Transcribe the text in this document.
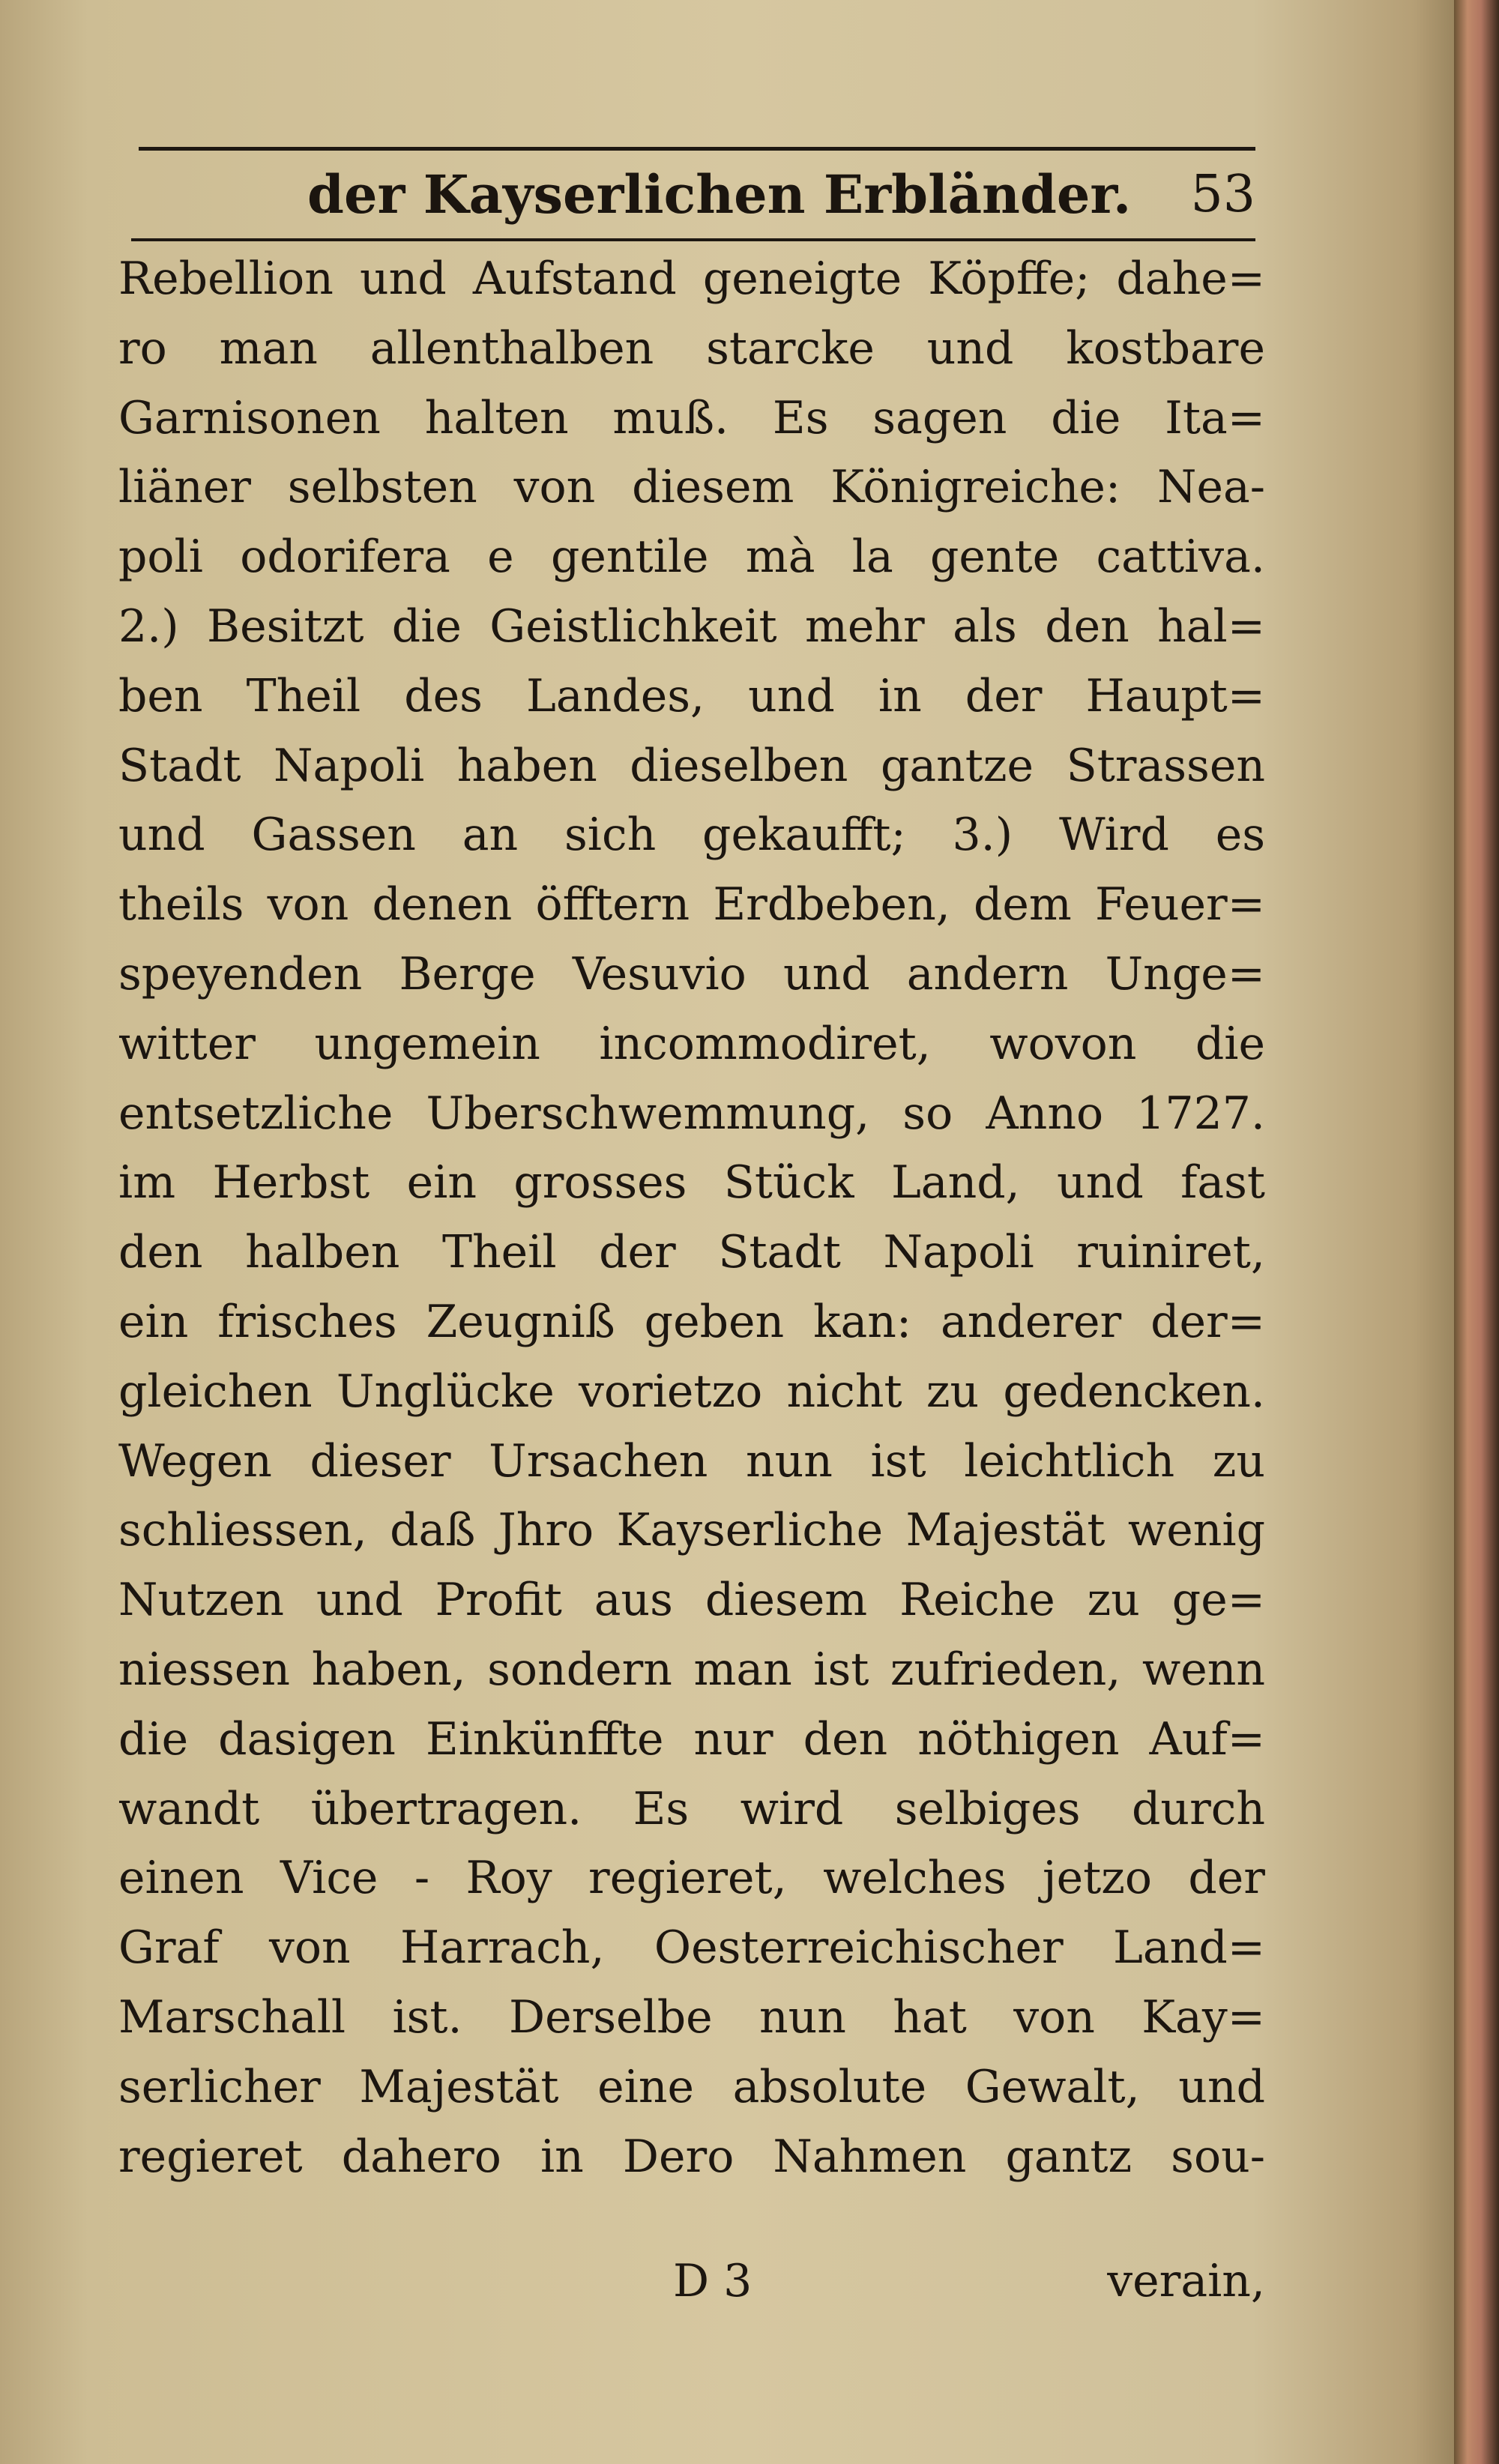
der Kayserlichen Erbländer.	53
Rebellion und Aufstand geneigte Köpffe; dahe=
ro man allenthalben starcke und kostbare
Garnisonen halten muß. Es sagen die Ita=
liäner selbsten von diesem Königreiche: Nea-
poli odorifera e gentile mà la gente cattiva.
2.) Besitzt die Geistlichkeit mehr als den hal=
ben Theil des Landes, und in der Haupt=
Stadt Napoli haben dieselben gantze Strassen
und Gassen an sich gekaufft; 3.) Wird es
theils von denen öfftern Erdbeben, dem Feuer=
speyenden Berge Vesuvio und andern Unge=
witter ungemein incommodiret, wovon die
entsetzliche Uberschwemmung, so Anno 1727.
im Herbst ein grosses Stück Land, und fast
den halben Theil der Stadt Napoli ruiniret,
ein frisches Zeugniß geben kan: anderer der=
gleichen Unglücke vorietzo nicht zu gedencken.
Wegen dieser Ursachen nun ist leichtlich zu
schliessen, daß Jhro Kayserliche Majestät wenig
Nutzen und Profit aus diesem Reiche zu ge=
niessen haben, sondern man ist zufrieden, wenn
die dasigen Einkünffte nur den nöthigen Auf=
wandt übertragen. Es wird selbiges durch
einen Vice - Roy regieret, welches jetzo der
Graf von Harrach, Oesterreichischer Land=
Marschall ist. Derselbe nun hat von Kay=
serlicher Majestät eine absolute Gewalt, und
regieret dahero in Dero Nahmen gantz sou-
D 3	verain,
